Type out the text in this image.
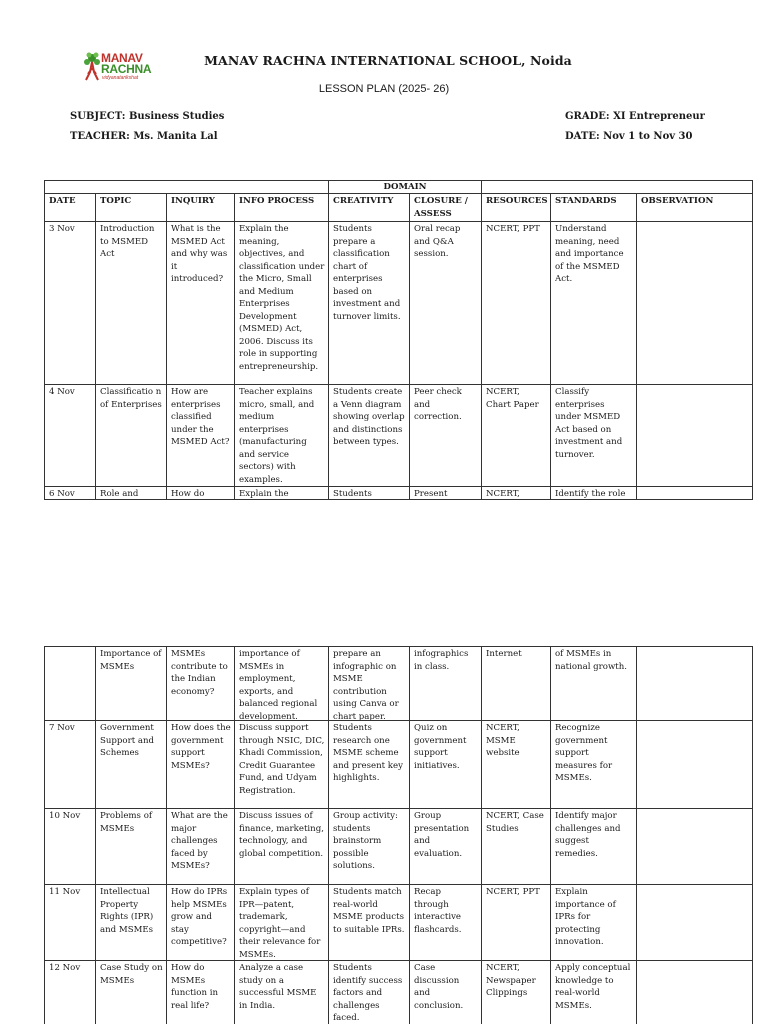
MANAV
RACHNA
vidyanatarikshat
MANAV RACHNA INTERNATIONAL SCHOOL, Noida
LESSON PLAN (2025- 26)
SUBJECT: Business Studies
TEACHER: Ms. Manita Lal
GRADE: XI Entrepreneur
DATE: Nov 1 to Nov 30
				DOMAIN				
DATE	TOPIC	INQUIRY	INFO PROCESS	CREATIVITY	CLOSURE / ASSESS	RESOURCES	STANDARDS	OBSERVATION

3 Nov	Introduction to MSMED Act	What is the MSMED Act and why was it introduced?	Explain the meaning, objectives, and classification under the Micro, Small and Medium Enterprises Development (MSMED) Act, 2006. Discuss its role in supporting entrepreneurship.	Students prepare a classification chart of enterprises based on investment and turnover limits.	Oral recap and Q&A session.	NCERT, PPT	Understand meaning, need and importance of the MSMED Act.	

4 Nov	Classificatio n of Enterprises	How are enterprises classified under the MSMED Act?	Teacher explains micro, small, and medium enterprises (manufacturing and service sectors) with examples.	Students create a Venn diagram showing overlap and distinctions between types.	Peer check and correction.	NCERT, Chart Paper	Classify enterprises under MSMED Act based on investment and turnover.	

6 Nov	Role and	How do	Explain the	Students	Present	NCERT,	Identify the role	

	Importance of MSMEs	MSMEs contribute to the Indian economy?	importance of MSMEs in employment, exports, and balanced regional development.	prepare an infographic on MSME contribution using Canva or chart paper.	infographics in class.	Internet	of MSMEs in national growth.	

7 Nov	Government Support and Schemes	How does the government support MSMEs?	Discuss support through NSIC, DIC, Khadi Commission, Credit Guarantee Fund, and Udyam Registration.	Students research one MSME scheme and present key highlights.	Quiz on government support initiatives.	NCERT, MSME website	Recognize government support measures for MSMEs.	

10 Nov	Problems of MSMEs	What are the major challenges faced by MSMEs?	Discuss issues of finance, marketing, technology, and global competition.	Group activity: students brainstorm possible solutions.	Group presentation and evaluation.	NCERT, Case Studies	Identify major challenges and suggest remedies.	

11 Nov	Intellectual Property Rights (IPR) and MSMEs	How do IPRs help MSMEs grow and stay competitive?	Explain types of IPR—patent, trademark, copyright—and their relevance for MSMEs.	Students match real-world MSME products to suitable IPRs.	Recap through interactive flashcards.	NCERT, PPT	Explain importance of IPRs for protecting innovation.	

12 Nov	Case Study on MSMEs	How do MSMEs function in real life?	Analyze a case study on a successful MSME in India.	Students identify success factors and challenges faced.	Case discussion and conclusion.	NCERT, Newspaper Clippings	Apply conceptual knowledge to real-world MSMEs.	
